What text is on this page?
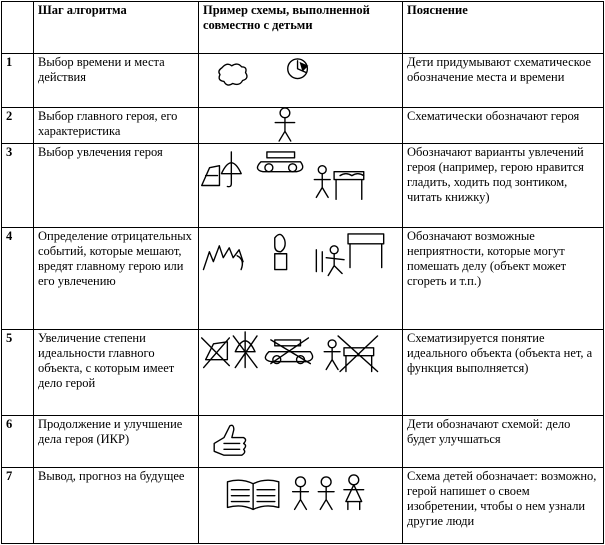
	Шаг алгоритма	Пример схемы, выполненной совместно с детьми	Пояснение
1	Выбор времени и места действия		Дети придумывают схематическое обозначение места и времени
2	Выбор главного героя, его характеристика		Схематически обозначают героя
3	Выбор увлечения героя		Обозначают варианты увлечений героя (например, герою нравится гладить, ходить под зонтиком, читать книжку)
4	Определение отрицательных событий, которые мешают, вредят главному герою или его увлечению		Обозначают возможные неприятности, которые могут помешать делу (объект может сгореть и т.п.)
5	Увеличение степени идеальности главного объекта, с которым имеет дело герой		Схематизируется понятие идеального объекта (объекта нет, а функция выполняется)
6	Продолжение и улучшение дела героя (ИКР)		Дети обозначают схемой: дело будет улучшаться
7	Вывод, прогноз на будущее		Схема детей обозначает: возможно, герой напишет о своем изобретении, чтобы о нем узнали другие люди
